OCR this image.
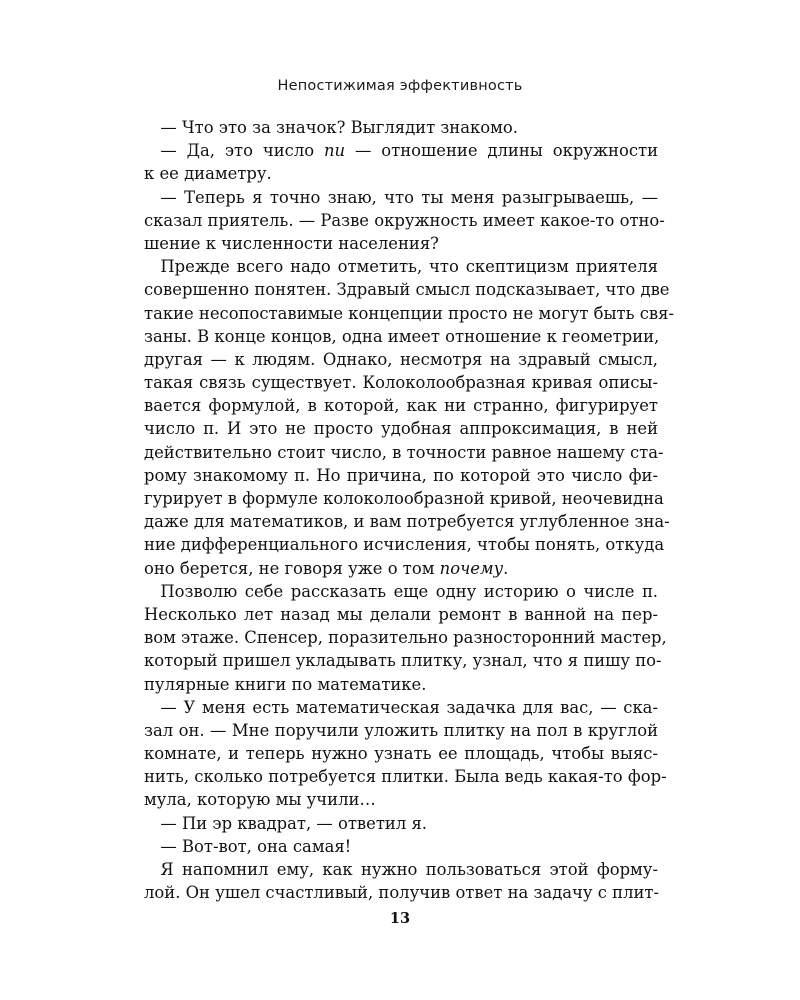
Непостижимая эффективность
 — Что это за значок? Выглядит знакомо.
 — Да, это число пи — отношение длины окружности
к ее диаметру.
 — Теперь я точно знаю, что ты меня разыгрываешь, —
сказал приятель. — Разве окружность имеет какое-то отно-
шение к численности населения?
 Прежде всего надо отметить, что скептицизм приятеля
совершенно понятен. Здравый смысл подсказывает, что две
такие несопоставимые концепции просто не могут быть свя-
заны. В конце концов, одна имеет отношение к геометрии,
другая — к людям. Однако, несмотря на здравый смысл,
такая связь существует. Колоколообразная кривая описы-
вается формулой, в которой, как ни странно, фигурирует
число π. И это не просто удобная аппроксимация, в ней
действительно стоит число, в точности равное нашему ста-
рому знакомому π. Но причина, по которой это число фи-
гурирует в формуле колоколообразной кривой, неочевидна
даже для математиков, и вам потребуется углубленное зна-
ние дифференциального исчисления, чтобы понять, откуда
оно берется, не говоря уже о том почему.
 Позволю себе рассказать еще одну историю о числе π.
Несколько лет назад мы делали ремонт в ванной на пер-
вом этаже. Спенсер, поразительно разносторонний мастер,
который пришел укладывать плитку, узнал, что я пишу по-
пулярные книги по математике.
 — У меня есть математическая задачка для вас, — ска-
зал он. — Мне поручили уложить плитку на пол в круглой
комнате, и теперь нужно узнать ее площадь, чтобы выяс-
нить, сколько потребуется плитки. Была ведь какая-то фор-
мула, которую мы учили…
 — Пи эр квадрат, — ответил я.
 — Вот-вот, она самая!
 Я напомнил ему, как нужно пользоваться этой форму-
лой. Он ушел счастливый, получив ответ на задачу с плит-
13
